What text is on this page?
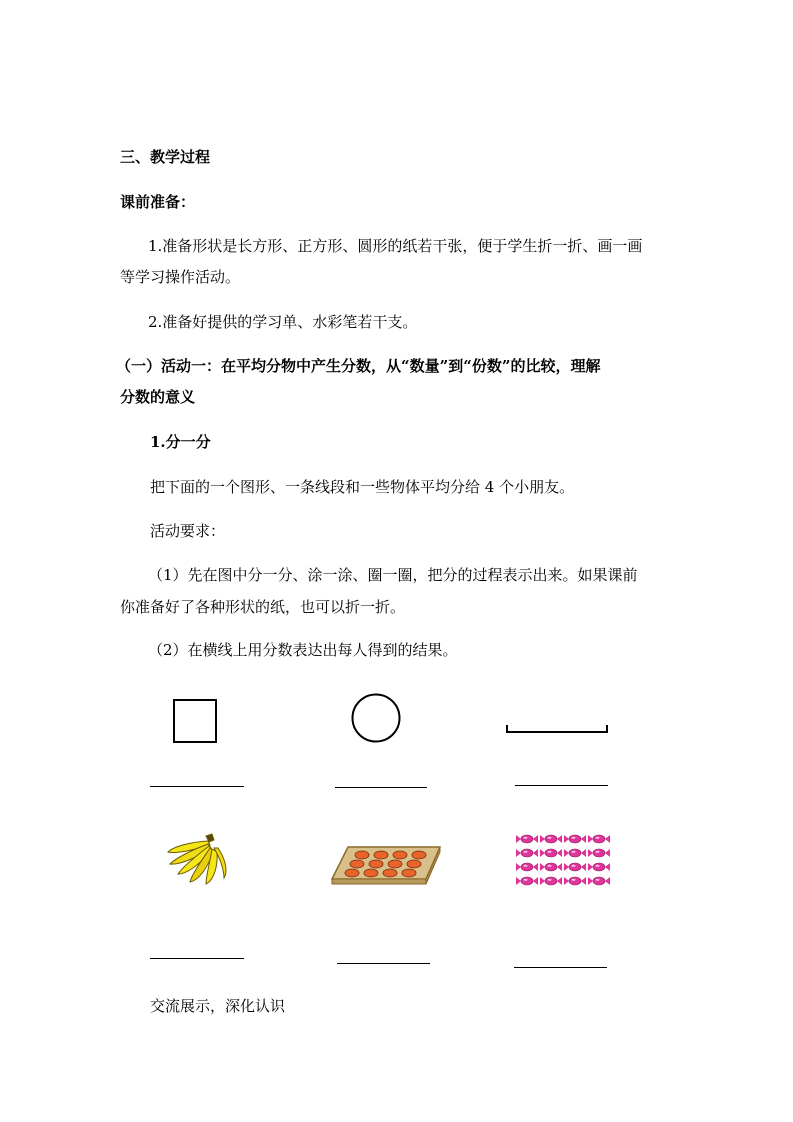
三、教学过程
课前准备：
1.准备形状是长方形、正方形、圆形的纸若干张，便于学生折一折、画一画
等学习操作活动。
2.准备好提供的学习单、水彩笔若干支。
（一）活动一：在平均分物中产生分数，从“数量”到“份数”的比较，理解
分数的意义
1.分一分
把下面的一个图形、一条线段和一些物体平均分给 4 个小朋友。
活动要求：
（1）先在图中分一分、涂一涂、圈一圈，把分的过程表示出来。如果课前
你准备好了各种形状的纸，也可以折一折。
（2）在横线上用分数表达出每人得到的结果。
交流展示，深化认识
